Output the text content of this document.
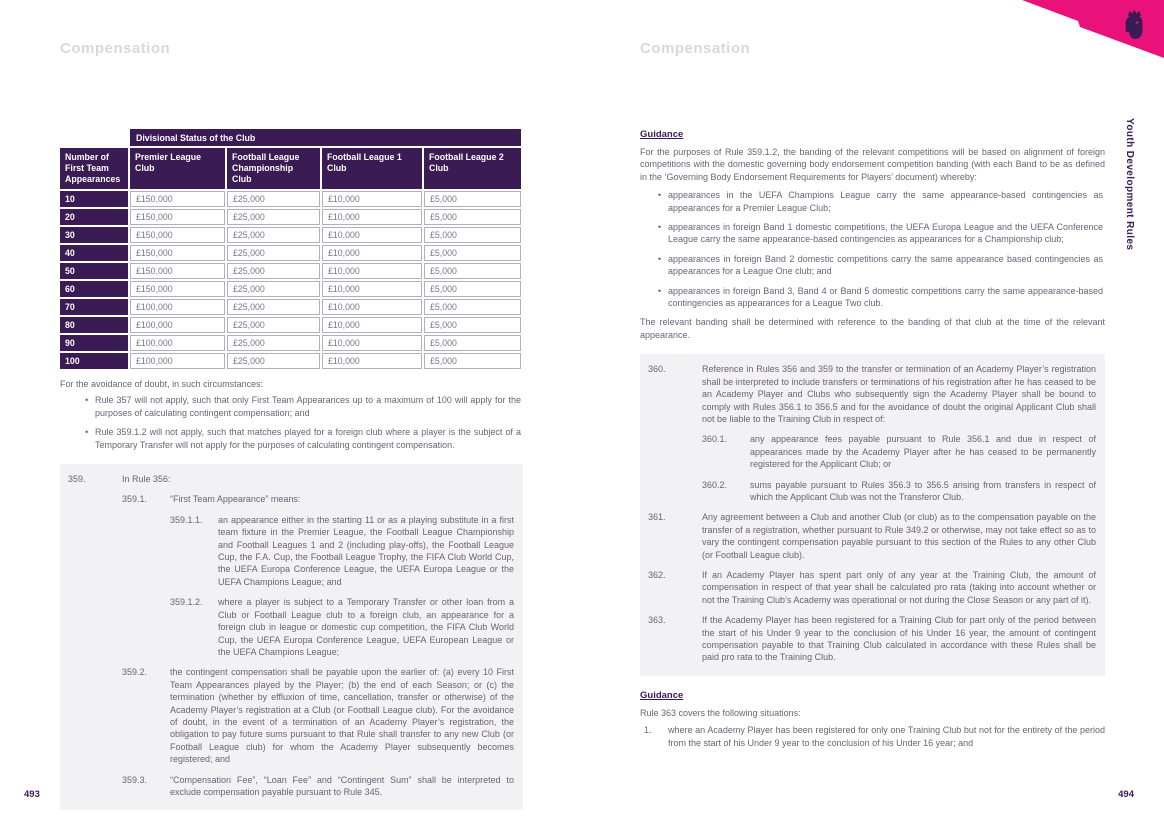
Youth Development Rules
Compensation
Divisional Status of the Club
Number of First Team Appearances
Premier League Club
Football League Championship Club
Football League 1 Club
Football League 2 Club
10	£150,000	£25,000	£10,000	£5,000
20	£150,000	£25,000	£10,000	£5,000
30	£150,000	£25,000	£10,000	£5,000
40	£150,000	£25,000	£10,000	£5,000
50	£150,000	£25,000	£10,000	£5,000
60	£150,000	£25,000	£10,000	£5,000
70	£100,000	£25,000	£10,000	£5,000
80	£100,000	£25,000	£10,000	£5,000
90	£100,000	£25,000	£10,000	£5,000
100	£100,000	£25,000	£10,000	£5,000

For the avoidance of doubt, in such circumstances:

• Rule 357 will not apply, such that only First Team Appearances up to a maximum of 100 will apply for the purposes of calculating contingent compensation; and
• Rule 359.1.2 will not apply, such that matches played for a foreign club where a player is the subject of a Temporary Transfer will not apply for the purposes of calculating contingent compensation.
359.	In Rule 356:
359.1.	“First Team Appearance” means:
359.1.1.	an appearance either in the starting 11 or as a playing substitute in a first team fixture in the Premier League, the Football League Championship and Football Leagues 1 and 2 (including play-offs), the Football League Cup, the F.A. Cup, the Football League Trophy, the FIFA Club World Cup, the UEFA Europa Conference League, the UEFA Europa League or the UEFA Champions League; and
359.1.2.	where a player is subject to a Temporary Transfer or other loan from a Club or Football League club to a foreign club, an appearance for a foreign club in league or domestic cup competition, the FIFA Club World Cup, the UEFA Europa Conference League, UEFA European League or the UEFA Champions League;
359.2.	the contingent compensation shall be payable upon the earlier of: (a) every 10 First Team Appearances played by the Player; (b) the end of each Season; or (c) the termination (whether by effluxion of time, cancellation, transfer or otherwise) of the Academy Player’s registration at a Club (or Football League club). For the avoidance of doubt, in the event of a termination of an Academy Player’s registration, the obligation to pay future sums pursuant to that Rule shall transfer to any new Club (or Football League club) for whom the Academy Player subsequently becomes registered; and
359.3.	“Compensation Fee”, “Loan Fee” and “Contingent Sum” shall be interpreted to exclude compensation payable pursuant to Rule 345.
Compensation
Guidance

For the purposes of Rule 359.1.2, the banding of the relevant competitions will be based on alignment of foreign competitions with the domestic governing body endorsement competition banding (with each Band to be as defined in the ‘Governing Body Endorsement Requirements for Players’ document) whereby:

• appearances in the UEFA Champions League carry the same appearance-based contingencies as appearances for a Premier League Club;
• appearances in foreign Band 1 domestic competitions, the UEFA Europa League and the UEFA Conference League carry the same appearance-based contingencies as appearances for a Championship club;
• appearances in foreign Band 2 domestic competitions carry the same appearance based contingencies as appearances for a League One club; and
• appearances in foreign Band 3, Band 4 or Band 5 domestic competitions carry the same appearance-based contingencies as appearances for a League Two club.

The relevant banding shall be determined with reference to the banding of that club at the time of the relevant appearance.

360.	Reference in Rules 356 and 359 to the transfer or termination of an Academy Player’s registration shall be interpreted to include transfers or terminations of his registration after he has ceased to be an Academy Player and Clubs who subsequently sign the Academy Player shall be bound to comply with Rules 356.1 to 356.5 and for the avoidance of doubt the original Applicant Club shall not be liable to the Training Club in respect of:
360.1.	any appearance fees payable pursuant to Rule 356.1 and due in respect of appearances made by the Academy Player after he has ceased to be permanently registered for the Applicant Club; or
360.2.	sums payable pursuant to Rules 356.3 to 356.5 arising from transfers in respect of which the Applicant Club was not the Transferor Club.
361.	Any agreement between a Club and another Club (or club) as to the compensation payable on the transfer of a registration, whether pursuant to Rule 349.2 or otherwise, may not take effect so as to vary the contingent compensation payable pursuant to this section of the Rules to any other Club (or Football League club).
362.	If an Academy Player has spent part only of any year at the Training Club, the amount of compensation in respect of that year shall be calculated pro rata (taking into account whether or not the Training Club’s Academy was operational or not during the Close Season or any part of it).
363.	If the Academy Player has been registered for a Training Club for part only of the period between the start of his Under 9 year to the conclusion of his Under 16 year, the amount of contingent compensation payable to that Training Club calculated in accordance with these Rules shall be paid pro rata to the Training Club.
Guidance

Rule 363 covers the following situations:

1.	where an Academy Player has been registered for only one Training Club but not for the entirety of the period from the start of his Under 9 year to the conclusion of his Under 16 year; and
493	494
